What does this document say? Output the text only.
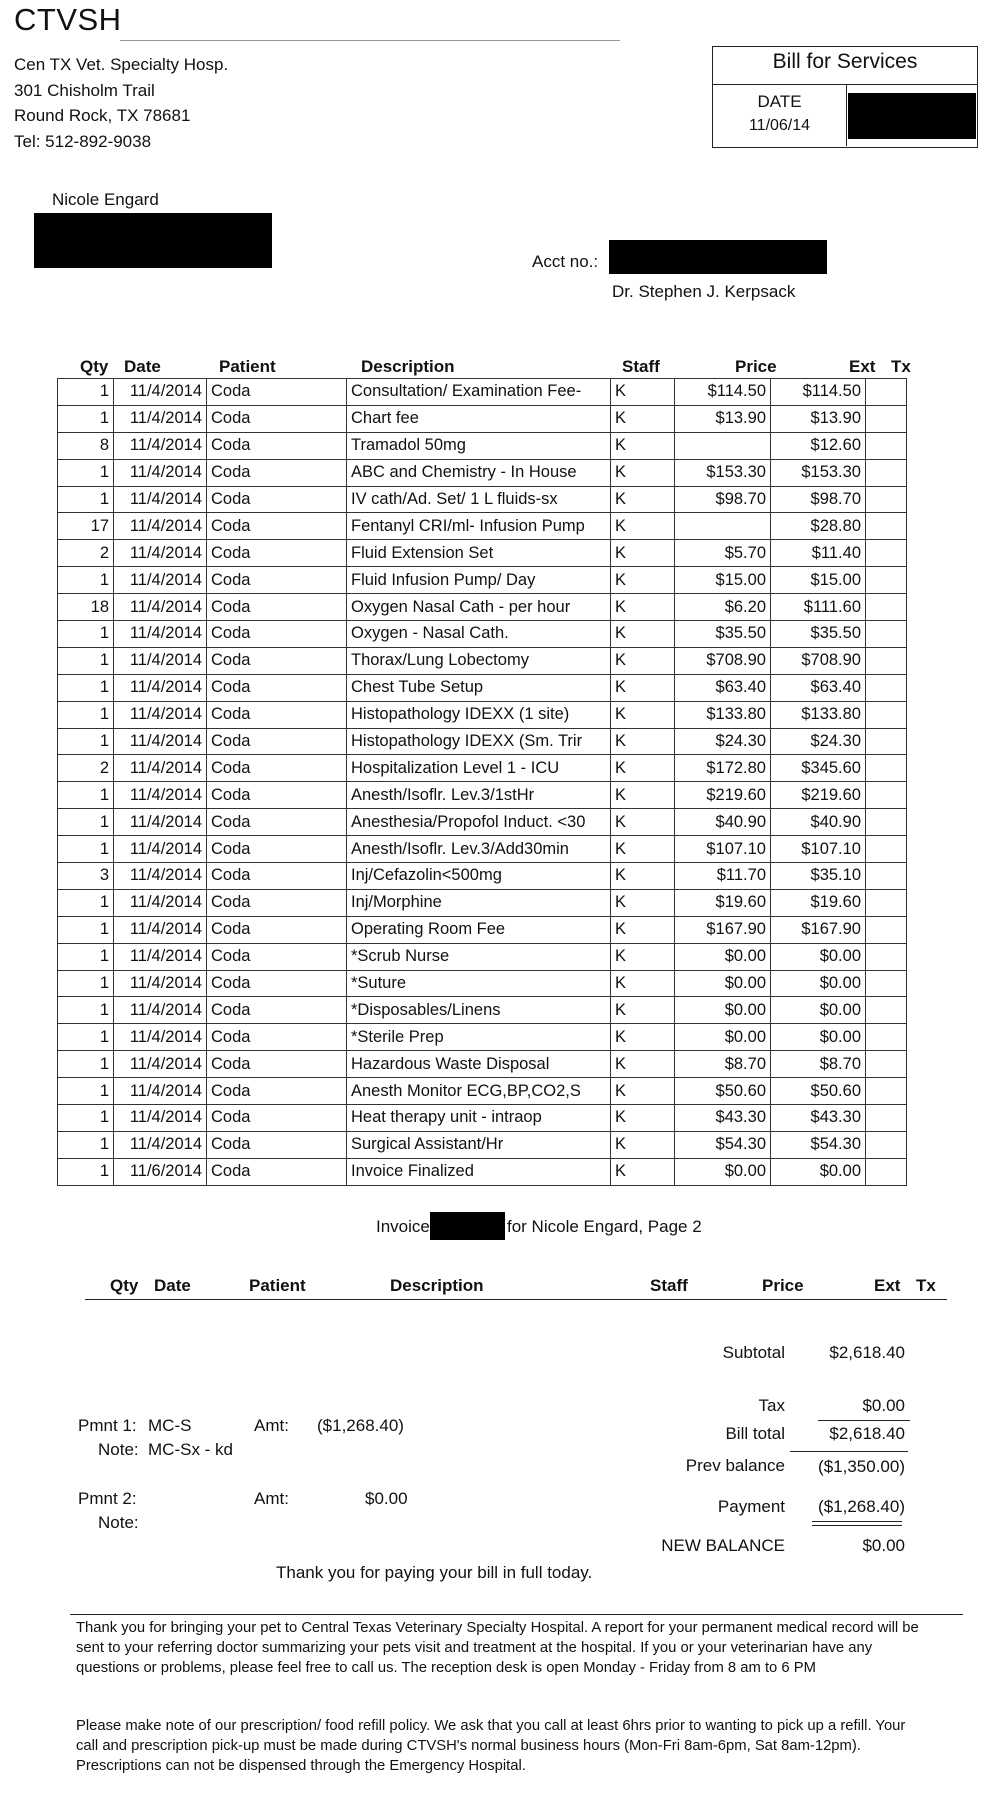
CTVSH
Cen TX Vet. Specialty Hosp.
301 Chisholm Trail
Round Rock, TX 78681
Tel: 512-892-9038
Bill for Services
DATE
11/06/14
Nicole Engard
Acct no.:
Dr. Stephen J. Kerpsack
Qty Date	Patient	Description	Staff	Price	Ext Tx
1	11/4/2014	Coda	Consultation/ Examination Fee-	K	$114.50	$114.50	
1	11/4/2014	Coda	Chart fee	K	$13.90	$13.90	
8	11/4/2014	Coda	Tramadol 50mg	K		$12.60	
1	11/4/2014	Coda	ABC and Chemistry - In House	K	$153.30	$153.30	
1	11/4/2014	Coda	IV cath/Ad. Set/ 1 L fluids-sx	K	$98.70	$98.70	
17	11/4/2014	Coda	Fentanyl CRI/ml- Infusion Pump	K		$28.80	
2	11/4/2014	Coda	Fluid Extension Set	K	$5.70	$11.40	
1	11/4/2014	Coda	Fluid Infusion Pump/ Day	K	$15.00	$15.00	
18	11/4/2014	Coda	Oxygen Nasal Cath - per hour	K	$6.20	$111.60	
1	11/4/2014	Coda	Oxygen - Nasal Cath.	K	$35.50	$35.50	
1	11/4/2014	Coda	Thorax/Lung Lobectomy	K	$708.90	$708.90	
1	11/4/2014	Coda	Chest Tube Setup	K	$63.40	$63.40	
1	11/4/2014	Coda	Histopathology IDEXX (1 site)	K	$133.80	$133.80	
1	11/4/2014	Coda	Histopathology IDEXX (Sm. Trir	K	$24.30	$24.30	
2	11/4/2014	Coda	Hospitalization Level 1 - ICU	K	$172.80	$345.60	
1	11/4/2014	Coda	Anesth/Isoflr. Lev.3/1stHr	K	$219.60	$219.60	
1	11/4/2014	Coda	Anesthesia/Propofol Induct. <30	K	$40.90	$40.90	
1	11/4/2014	Coda	Anesth/Isoflr. Lev.3/Add30min	K	$107.10	$107.10	
3	11/4/2014	Coda	Inj/Cefazolin<500mg	K	$11.70	$35.10	
1	11/4/2014	Coda	Inj/Morphine	K	$19.60	$19.60	
1	11/4/2014	Coda	Operating Room Fee	K	$167.90	$167.90	
1	11/4/2014	Coda	*Scrub Nurse	K	$0.00	$0.00	
1	11/4/2014	Coda	*Suture	K	$0.00	$0.00	
1	11/4/2014	Coda	*Disposables/Linens	K	$0.00	$0.00	
1	11/4/2014	Coda	*Sterile Prep	K	$0.00	$0.00	
1	11/4/2014	Coda	Hazardous Waste Disposal	K	$8.70	$8.70	
1	11/4/2014	Coda	Anesth Monitor ECG,BP,CO2,S	K	$50.60	$50.60	
1	11/4/2014	Coda	Heat therapy unit - intraop	K	$43.30	$43.30	
1	11/4/2014	Coda	Surgical Assistant/Hr	K	$54.30	$54.30	
1	11/6/2014	Coda	Invoice Finalized	K	$0.00	$0.00	
Invoice	for Nicole Engard, Page 2
Qty Date	Patient	Description	Staff	Price	Ext Tx
Subtotal	$2,618.40
Tax	$0.00
Bill total	$2,618.40
Prev balance ($1,350.00)
Payment ($1,268.40)
NEW BALANCE	$0.00
Pmnt 1: MC-S	Amt: ($1,268.40)
Note: MC-Sx - kd
Pmnt 2:	Amt:	$0.00
Note:
Thank you for paying your bill in full today.
Thank you for bringing your pet to Central Texas Veterinary Specialty Hospital. A report for your permanent medical record will be sent to your referring doctor summarizing your pets visit and treatment at the hospital. If you or your veterinarian have any questions or problems, please feel free to call us. The reception desk is open Monday - Friday from 8 am to 6 PM
Please make note of our prescription/ food refill policy. We ask that you call at least 6hrs prior to wanting to pick up a refill. Your call and prescription pick-up must be made during CTVSH's normal business hours (Mon-Fri 8am-6pm, Sat 8am-12pm). Prescriptions can not be dispensed through the Emergency Hospital.
